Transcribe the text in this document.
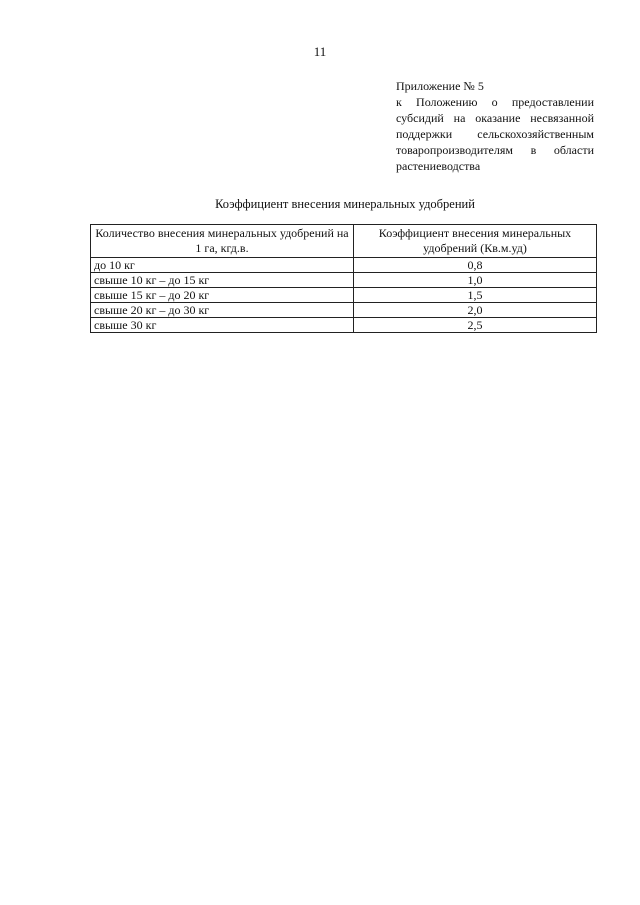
11
Приложение № 5
к Положению о предоставлении субсидий на оказание несвязанной поддержки сельскохозяйственным товаропроизводителям в области растениеводства
Коэффициент внесения минеральных удобрений
Количество внесения минеральных удобрений на 1 га, кгд.в.	Коэффициент внесения минеральных удобрений (Кв.м.уд)
до 10 кг	0,8
свыше 10 кг – до 15 кг	1,0
свыше 15 кг – до 20 кг	1,5
свыше 20 кг – до 30 кг	2,0
свыше 30 кг	2,5
